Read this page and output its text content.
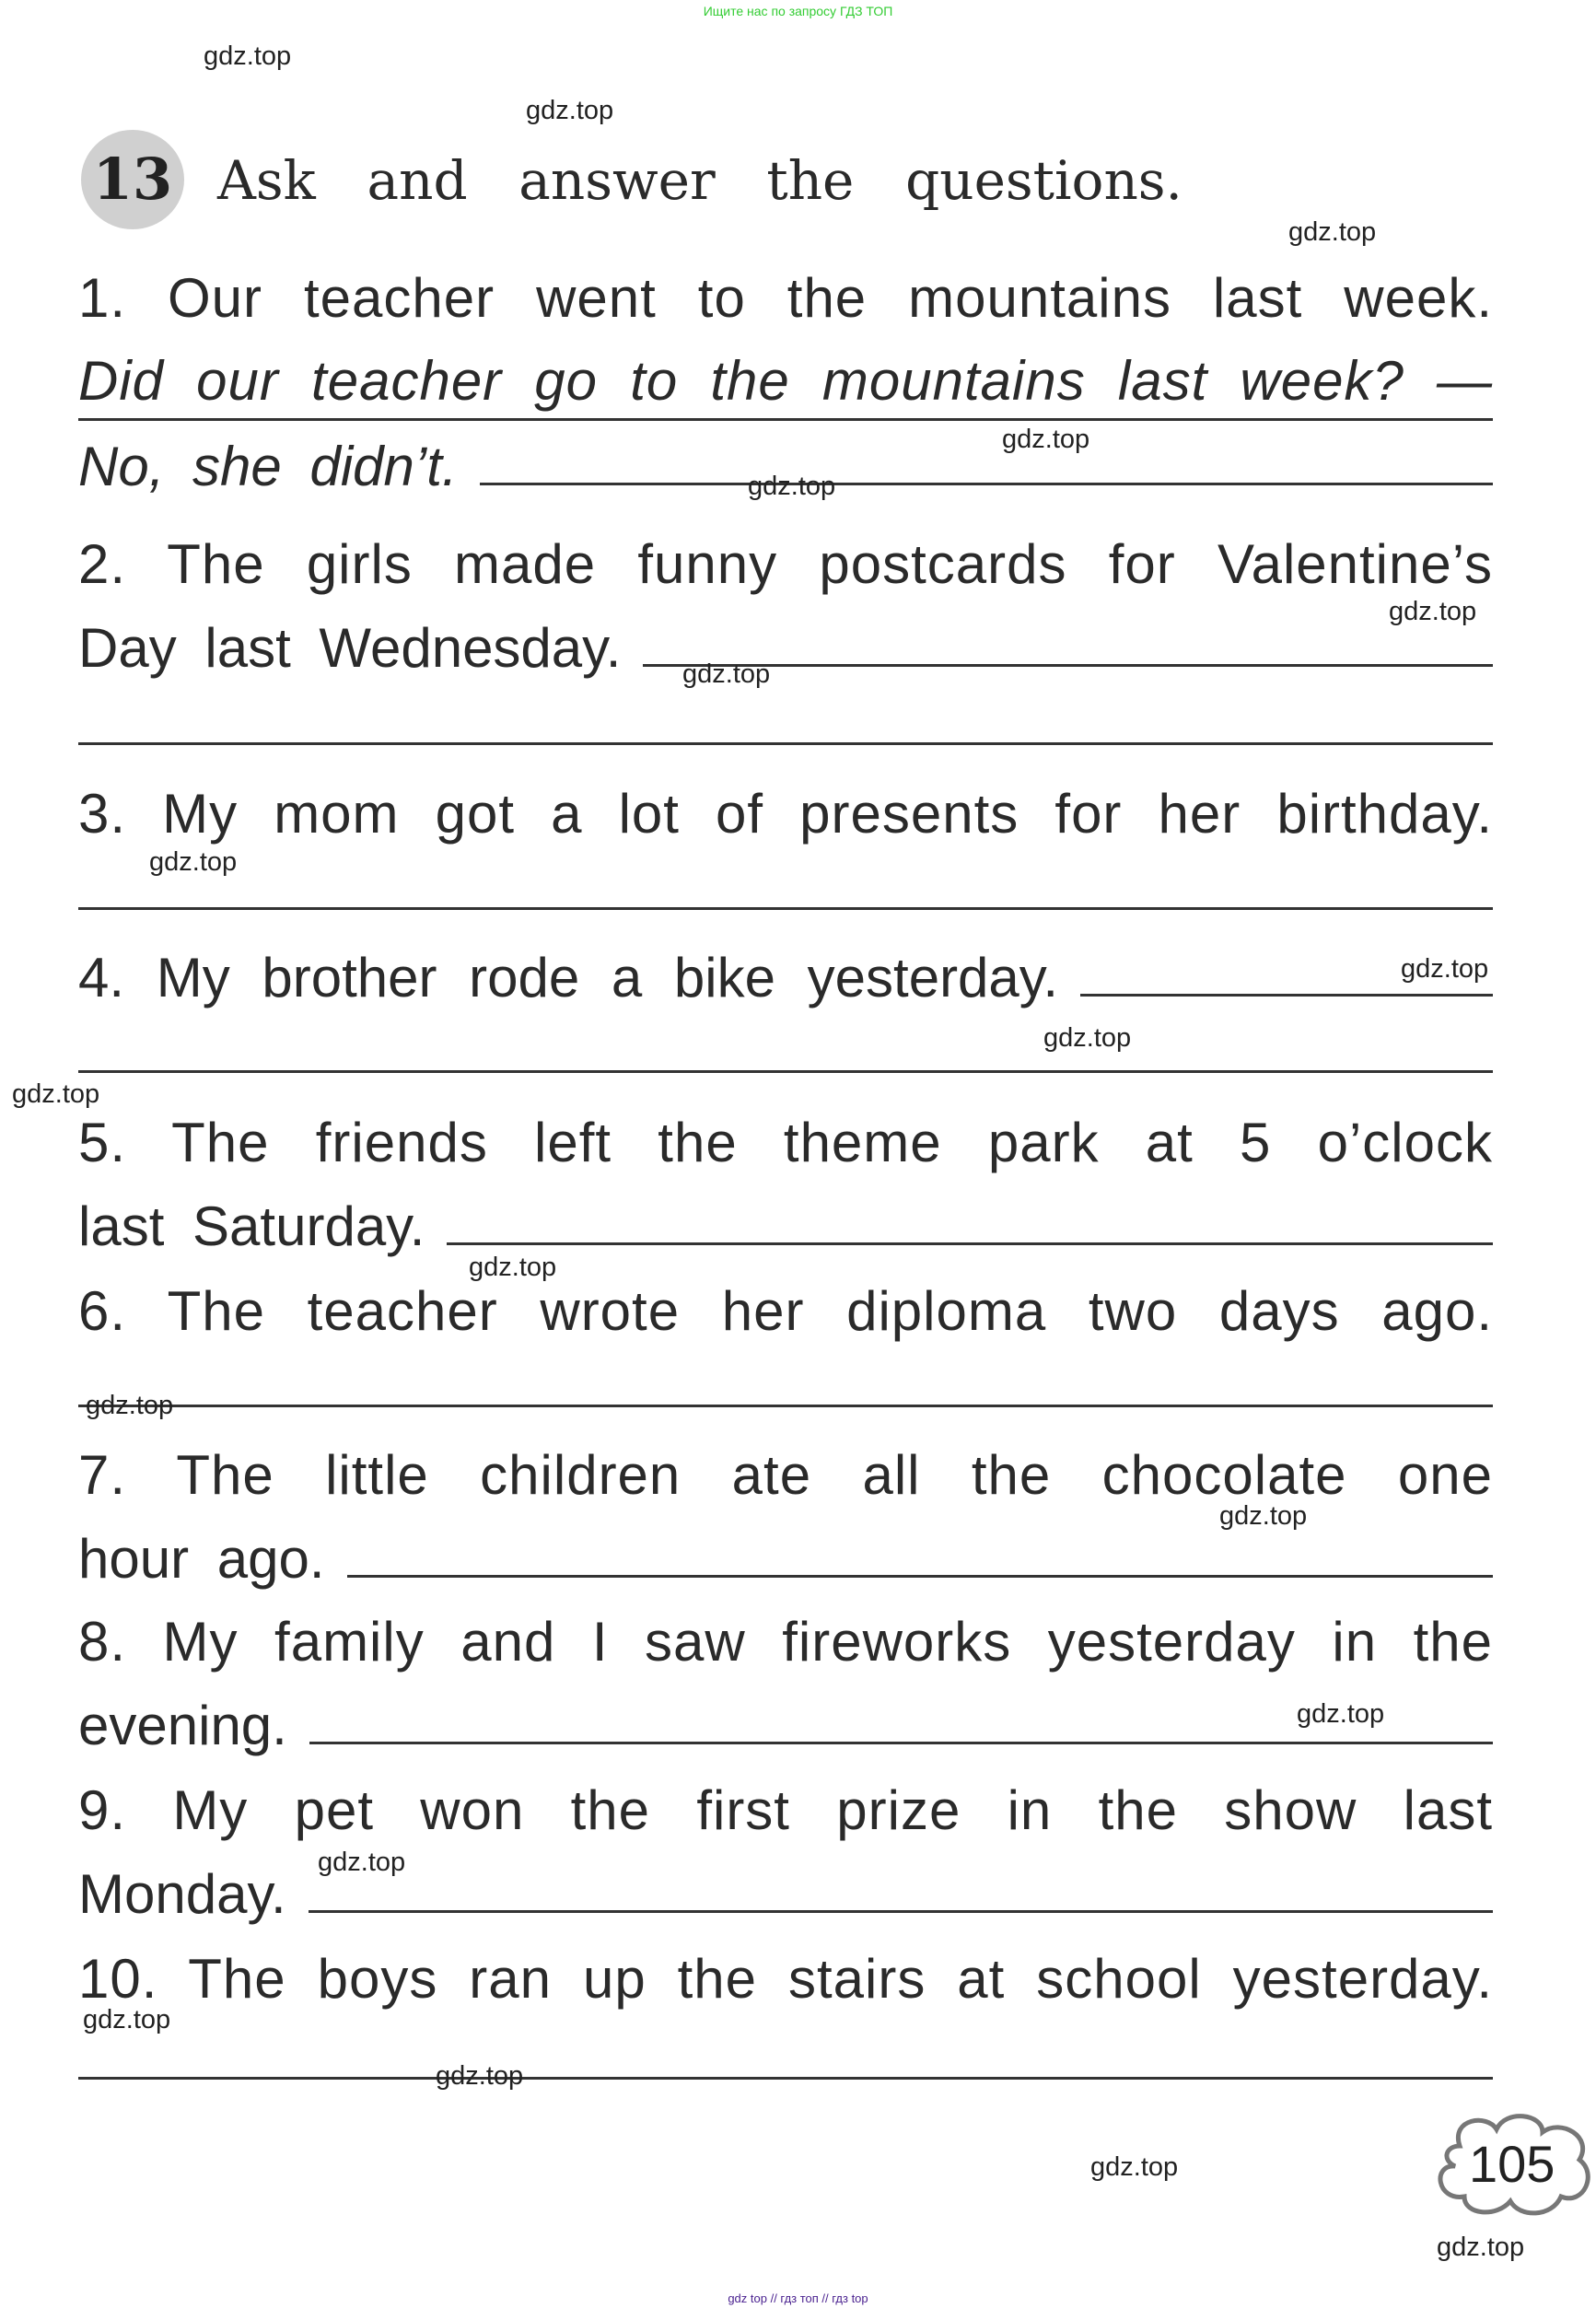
Ищите нас по запросу ГДЗ ТОП
13 Ask and answer the questions.
1. Our teacher went to the mountains last week.
Did our teacher go to the mountains last week? —
No, she didn’t.
2. The girls made funny postcards for Valentine’s
Day last Wednesday.
3. My mom got a lot of presents for her birthday.
4. My brother rode a bike yesterday.
5. The friends left the theme park at 5 o’clock
last Saturday.
6. The teacher wrote her diploma two days ago.
7. The little children ate all the chocolate one
hour ago.
8. My family and I saw fireworks yesterday in the
evening.
9. My pet won the first prize in the show last
Monday.
10. The boys ran up the stairs at school yesterday.
105
gdz.top
gdz.top
gdz.top
gdz.top
gdz.top
gdz.top
gdz.top
gdz.top
gdz.top
gdz.top
gdz.top
gdz.top
gdz.top
gdz.top
gdz.top
gdz.top
gdz.top
gdz.top
gdz.top
gdz.top
gdz top // гдз топ // гдз top
